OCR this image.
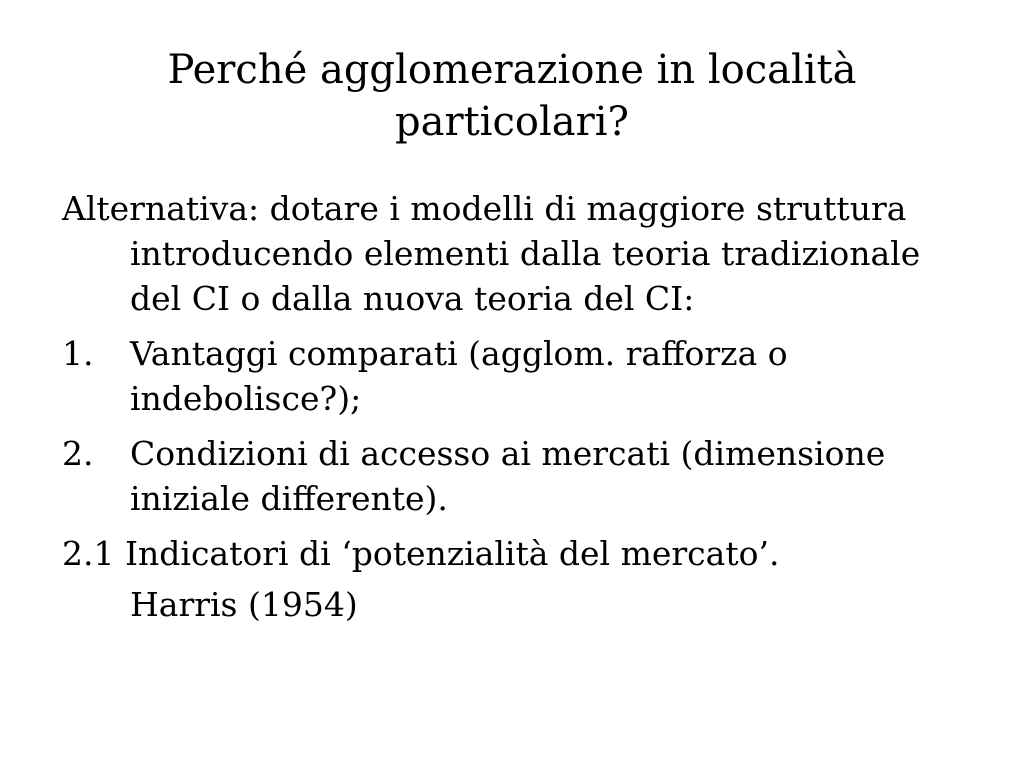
Perché agglomerazione in località particolari?

Alternativa: dotare i modelli di maggiore struttura introducendo elementi dalla teoria tradizionale del CI o dalla nuova teoria del CI:

1. Vantaggi comparati (agglom. rafforza o indebolisce?);
2. Condizioni di accesso ai mercati (dimensione iniziale differente).

2.1 Indicatori di ‘potenzialità del mercato’.

Harris (1954)
